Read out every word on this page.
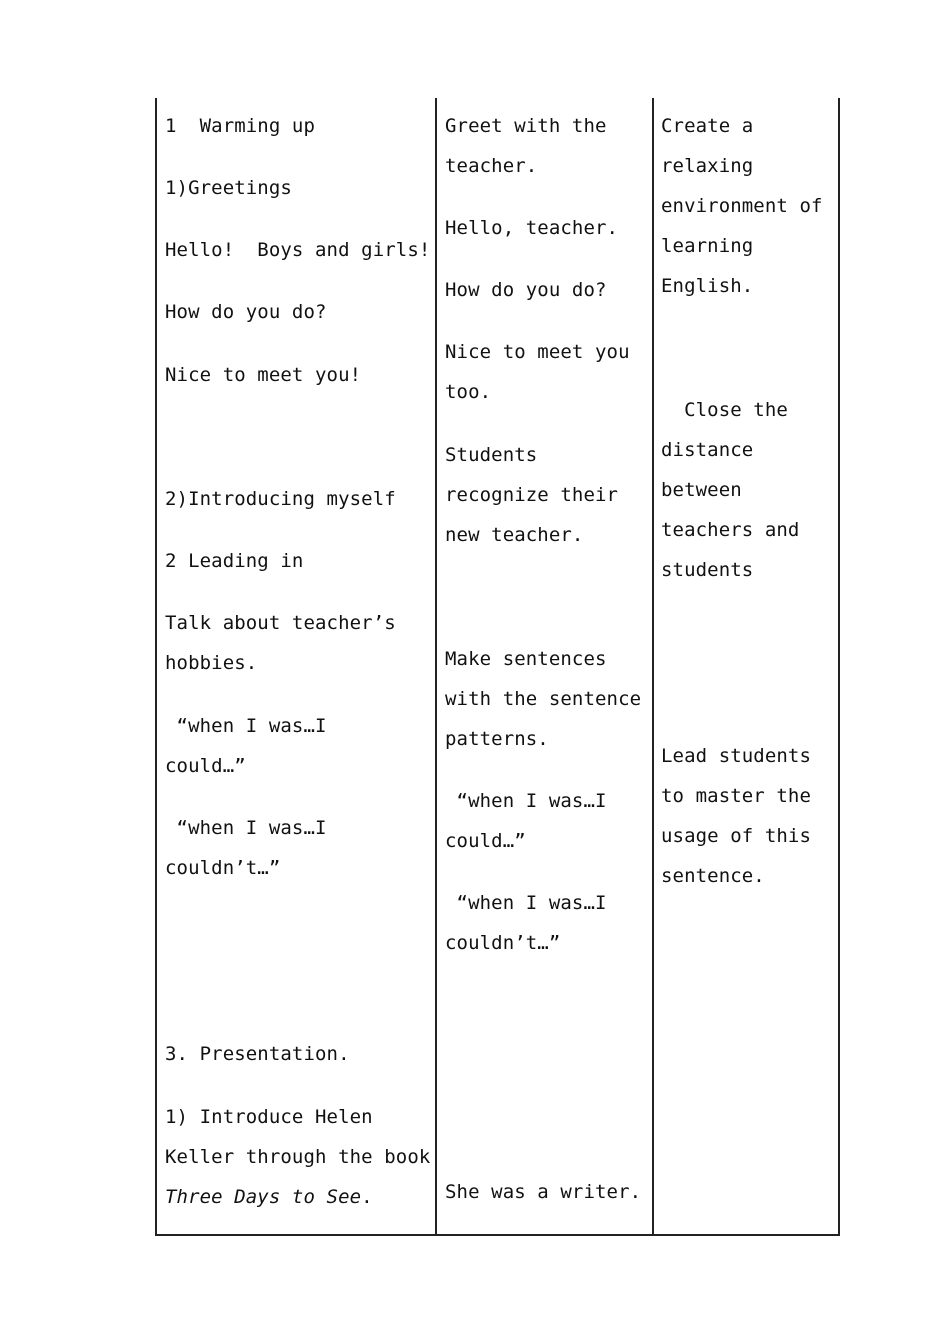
1  Warming up

1)Greetings

Hello!  Boys and girls!

How do you do?

Nice to meet you!

2)Introducing myself

2 Leading in

Talk about teacher’s

hobbies.

“when I was…I

could…”

“when I was…I

couldn’t…”

3. Presentation.

1) Introduce Helen

Keller through the book

Three Days to See.

Greet with the

teacher.

Hello, teacher.

How do you do?

Nice to meet you

too.

Students

recognize their

new teacher.

Make sentences

with the sentence

patterns.

“when I was…I

could…”

“when I was…I

couldn’t…”

She was a writer.

Create a

relaxing

environment of

learning

English.

Close the

distance

between

teachers and

students

Lead students

to master the

usage of this

sentence.
